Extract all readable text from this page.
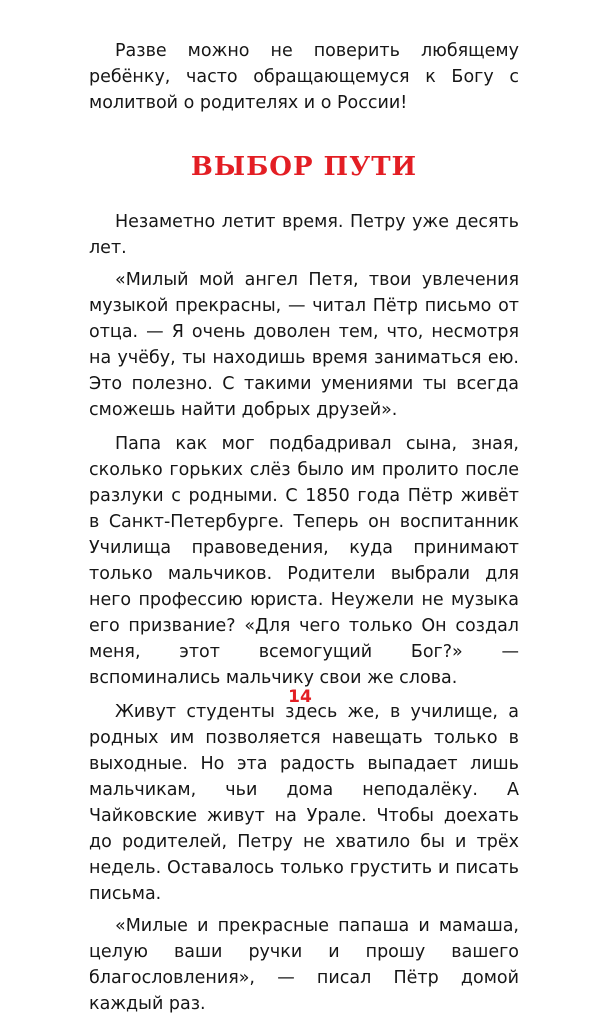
Разве можно не поверить любящему ребёнку, часто обращающемуся к Богу с молитвой о родителях и о России!

ВЫБОР ПУТИ

Незаметно летит время. Петру уже десять лет.

«Милый мой ангел Петя, твои увлечения музыкой прекрасны, — читал Пётр письмо от отца. — Я очень доволен тем, что, несмотря на учёбу, ты находишь время заниматься ею. Это полезно. С такими умениями ты всегда сможешь найти добрых друзей».

Папа как мог подбадривал сына, зная, сколько горьких слёз было им пролито после разлуки с родными. С 1850 года Пётр живёт в Санкт-Петербурге. Теперь он воспитанник Училища правоведения, куда принимают только мальчиков. Родители выбрали для него профессию юриста. Неужели не музыка его призвание? «Для чего только Он создал меня, этот всемогущий Бог?» — вспоминались мальчику свои же слова.

Живут студенты здесь же, в училище, а родных им позволяется навещать только в выходные. Но эта радость выпадает лишь мальчикам, чьи дома неподалёку. А Чайковские живут на Урале. Чтобы доехать до родителей, Петру не хватило бы и трёх недель. Оставалось только грустить и писать письма.

«Милые и прекрасные папаша и мамаша, целую ваши ручки и прошу вашего благословления», — писал Пётр домой каждый раз.

14
